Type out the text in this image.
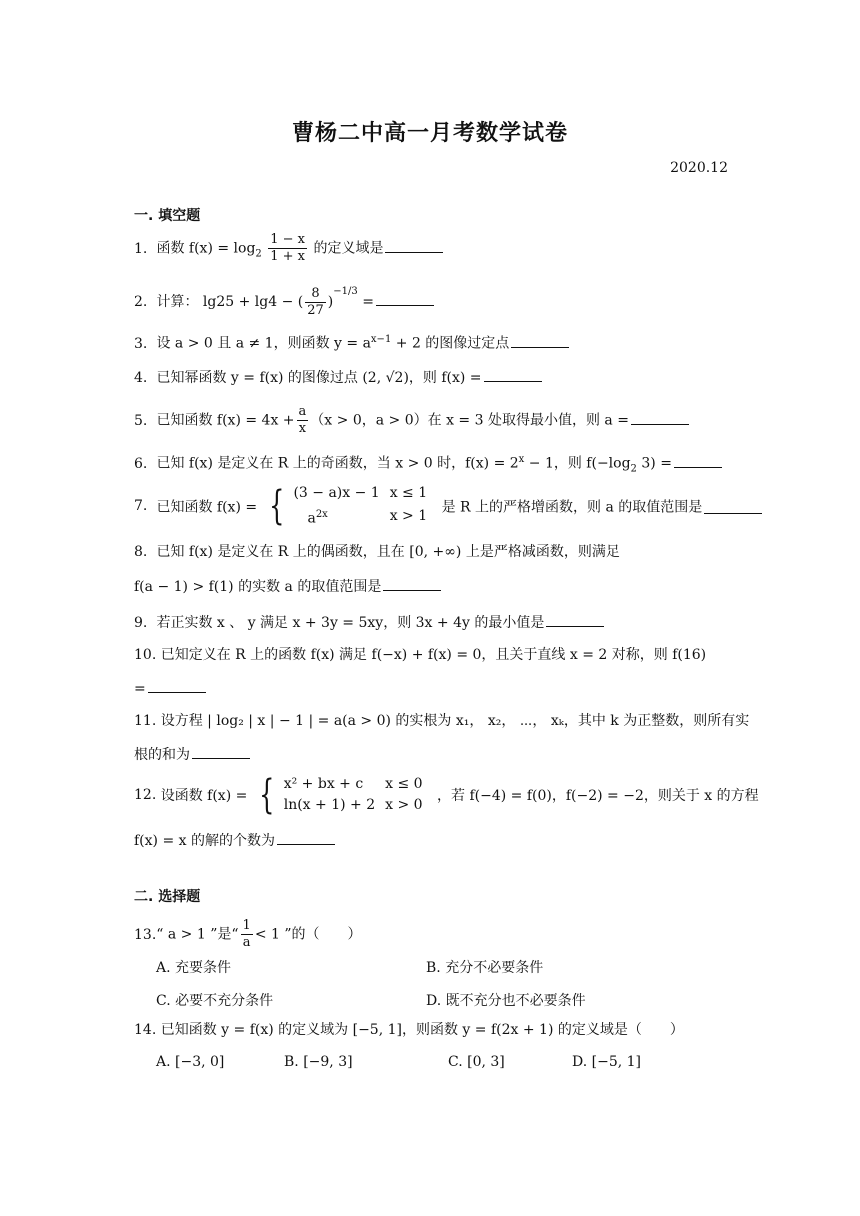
曹杨二中高一月考数学试卷
2020.12
一. 填空题
1. 函数 $f(x) = \log_2 \frac{1 - x}{1 + x}$ 的定义域是
2. 计算： lg25 + lg4 − ( $\frac{8}{27} )^{-1/3}$ =
3. 设 a > 0 且 a ≠ 1，则函数 $y = a^{x-1} + 2$ 的图像过定点
4. 已知幂函数 y = f(x) 的图像过点 (2, √2)，则 f(x) =
5. 已知函数 $f(x) = 4x + \frac{a}{x} (x > 0$，a > 0）在 x = 3 处取得最小值，则 a =
6. 已知 f(x) 是定义在 R 上的奇函数，当 x > 0 时，$f(x) = 2^x - 1$，则 $f(-\log_2$ 3) =
7. 已知函数 f(x) = { (3 − a)x − 1	x ≤ 1
$a^{2x}$	x > 1 是 R 上的严格增函数，则 a 的取值范围是
8. 已知 f(x) 是定义在 R 上的偶函数，且在 [0, +∞) 上是严格减函数，则满足
f(a − 1) > f(1) 的实数 a 的取值范围是
9. 若正实数 x 、 y 满足 x + 3y = 5xy，则 3x + 4y 的最小值是
10. 已知定义在 R 上的函数 f(x) 满足 f(−x) + f(x) = 0，且关于直线 x = 2 对称，则 f(16)
=
11. 设方程 | log₂ | x | − 1 | = a(a > 0) 的实根为 x₁， x₂， ⋯， xₖ，其中 k 为正整数，则所有实
根的和为
12. 设函数 f(x) = { x² + bx + c	x ≤ 0
ln(x + 1) + 2	x > 0 ，若 f(−4) = f(0)，f(−2) = −2，则关于 x 的方程
f(x) = x 的解的个数为
二. 选择题
13.“ a > 1 ”是“ $\frac{1}{a} < 1$ ”的（　　）
A. 充要条件	B. 充分不必要条件
C. 必要不充分条件	D. 既不充分也不必要条件
14. 已知函数 y = f(x) 的定义域为 [−5, 1]，则函数 y = f(2x + 1) 的定义域是（　　）
A. [−3, 0]	B. [−9, 3]	C. [0, 3]	D. [−5, 1]
